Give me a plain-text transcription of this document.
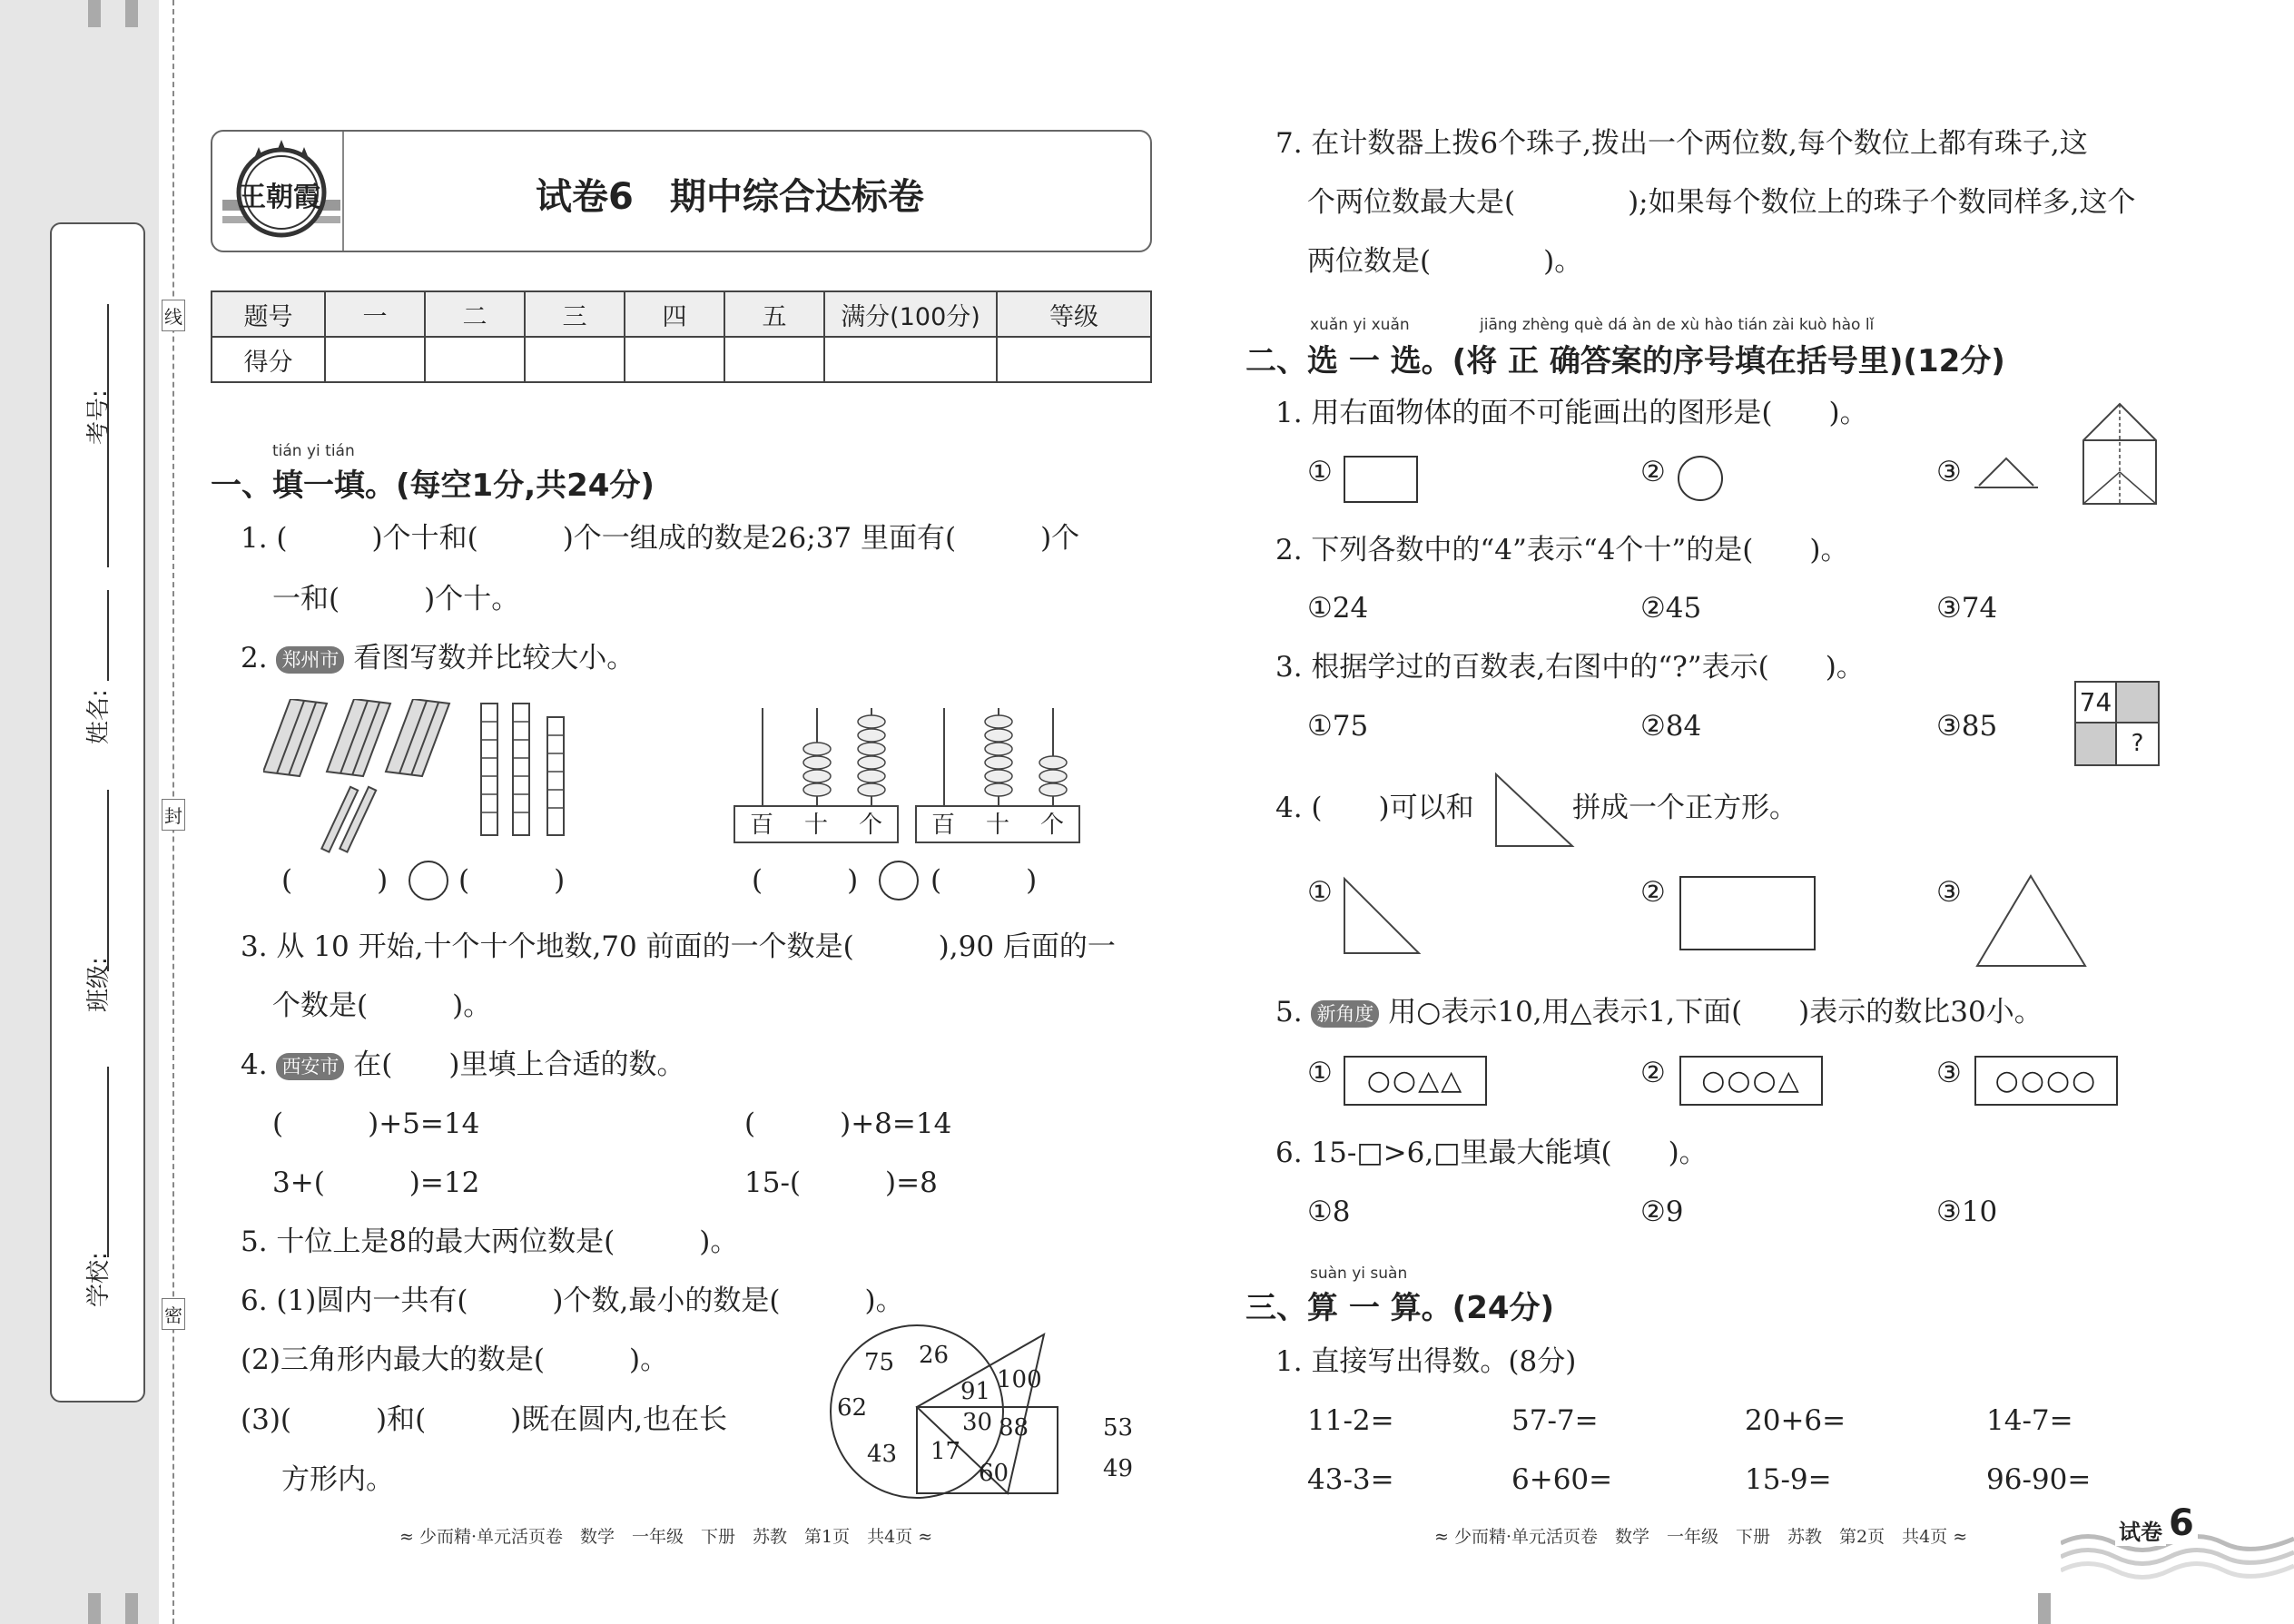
线
封
密
考号:
姓名:
班级:
学校:
王朝霞	试卷6　期中综合达标卷
题号	一	二	三	四	五	满分(100分)	等级
得分							
tián yi tián
一、填一填。(每空1分,共24分)
1. (　　　)个十和(　　　)个一组成的数是26;37 里面有(　　　)个
一和(　　　)个十。
2. 郑州市 看图写数并比较大小。
(　　　)	(　　　)
百 十 个 百 十 个
(　　　)	(　　　)
3. 从 10 开始,十个十个地数,70 前面的一个数是(　　　),90 后面的一
个数是(　　　)。
4. 西安市 在(　　)里填上合适的数。
(　　　)+5=14	(　　　)+8=14
3+(　　　)=12	15-(　　　)=8
5. 十位上是8的最大两位数是(　　　)。
6. (1)圆内一共有(　　　)个数,最小的数是(　　　)。
(2)三角形内最大的数是(　　　)。
(3)(　　　)和(　　　)既在圆内,也在长
方形内。
75 26
91 100
62
30 88	53
43 17
60	49
7. 在计数器上拨6个珠子,拨出一个两位数,每个数位上都有珠子,这
个两位数最大是(　　　　);如果每个数位上的珠子个数同样多,这个
两位数是(　　　　)。
xuǎn yi xuǎn	jiāng zhèng què dá àn de xù hào tián zài kuò hào lǐ
二、选 一 选。(将 正 确答案的序号填在括号里)(12分)
1. 用右面物体的面不可能画出的图形是(　　)。
①	②	③
2. 下列各数中的“4”表示“4个十”的是(　　)。
①24	②45	③74
3. 根据学过的百数表,右图中的“?”表示(　　)。
①75	②84	③85
74
?
4. (　　)可以和	拼成一个正方形。
①	②	③
5. 新角度 用○表示10,用△表示1,下面(　　)表示的数比30小。
①	○○△△	②	○○○△	③	○○○○
6. 15-□>6,□里最大能填(　　)。
①8	②9	③10
suàn yi suàn
三、算 一 算。(24分)
1. 直接写出得数。(8分)
11-2=	57-7=	20+6=	14-7=
43-3=	6+60=	15-9=	96-90=
≈ 少而精·单元活页卷　数学　一年级　下册　苏教　第1页　共4页 ≈	≈ 少而精·单元活页卷　数学　一年级　下册　苏教　第2页　共4页 ≈	试卷 6
